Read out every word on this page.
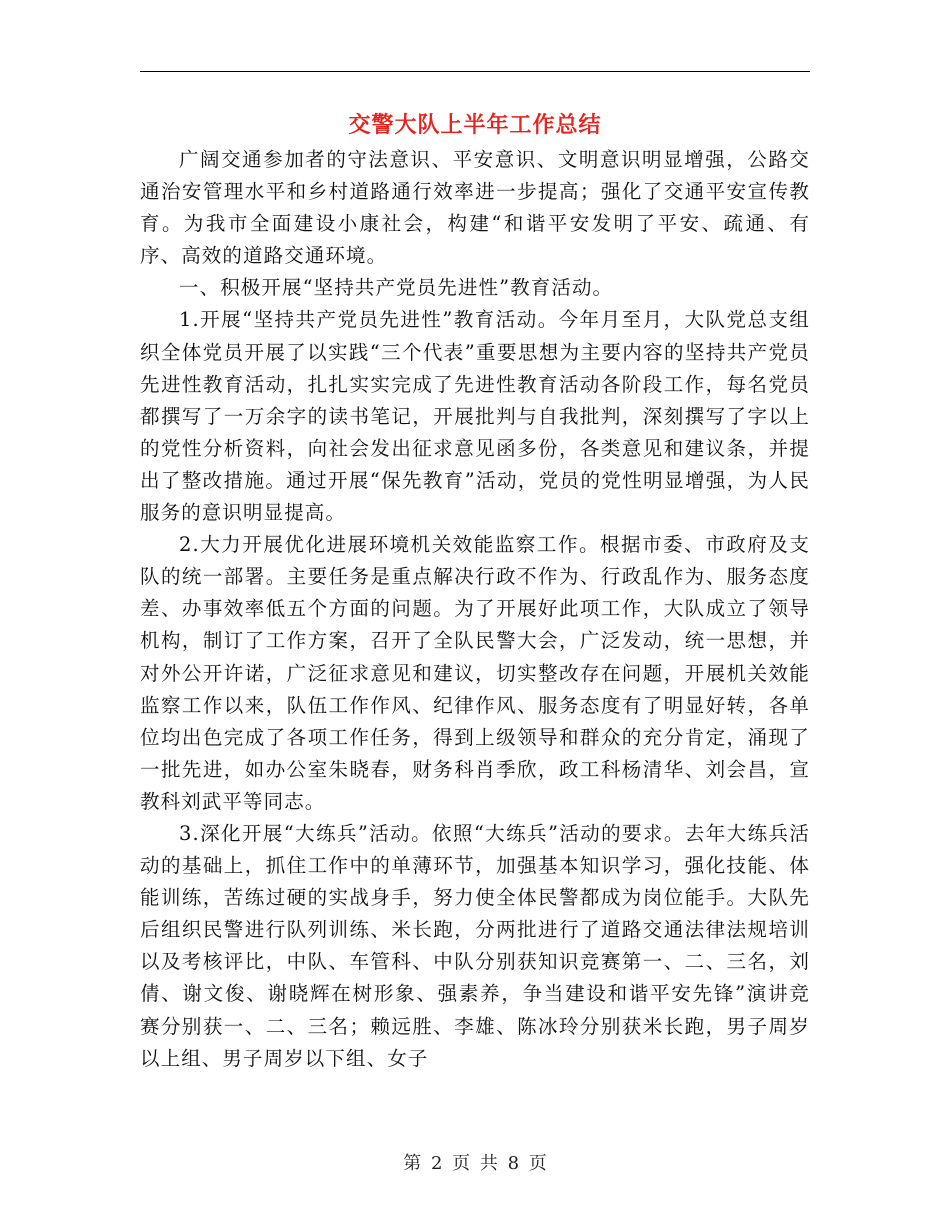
交警大队上半年工作总结

广阔交通参加者的守法意识、平安意识、文明意识明显增强，公路交通治安管理水平和乡村道路通行效率进一步提高；强化了交通平安宣传教育。为我市全面建设小康社会，构建“和谐平安发明了平安、疏通、有序、高效的道路交通环境。

一、积极开展“坚持共产党员先进性”教育活动。

1.开展“坚持共产党员先进性”教育活动。今年月至月，大队党总支组织全体党员开展了以实践“三个代表”重要思想为主要内容的坚持共产党员先进性教育活动，扎扎实实完成了先进性教育活动各阶段工作，每名党员都撰写了一万余字的读书笔记，开展批判与自我批判，深刻撰写了字以上的党性分析资料，向社会发出征求意见函多份，各类意见和建议条，并提出了整改措施。通过开展“保先教育”活动，党员的党性明显增强，为人民服务的意识明显提高。

2.大力开展优化进展环境机关效能监察工作。根据市委、市政府及支队的统一部署。主要任务是重点解决行政不作为、行政乱作为、服务态度差、办事效率低五个方面的问题。为了开展好此项工作，大队成立了领导机构，制订了工作方案，召开了全队民警大会，广泛发动，统一思想，并对外公开许诺，广泛征求意见和建议，切实整改存在问题，开展机关效能监察工作以来，队伍工作作风、纪律作风、服务态度有了明显好转，各单位均出色完成了各项工作任务，得到上级领导和群众的充分肯定，涌现了一批先进，如办公室朱晓春，财务科肖季欣，政工科杨清华、刘会昌，宣教科刘武平等同志。

3.深化开展“大练兵”活动。依照“大练兵”活动的要求。去年大练兵活动的基础上，抓住工作中的单薄环节，加强基本知识学习，强化技能、体能训练，苦练过硬的实战身手，努力使全体民警都成为岗位能手。大队先后组织民警进行队列训练、米长跑，分两批进行了道路交通法律法规培训以及考核评比，中队、车管科、中队分别获知识竞赛第一、二、三名，刘倩、谢文俊、谢晓辉在树形象、强素养，争当建设和谐平安先锋”演讲竞赛分别获一、二、三名；赖远胜、李雄、陈冰玲分别获米长跑，男子周岁以上组、男子周岁以下组、女子

第 2 页 共 8 页
